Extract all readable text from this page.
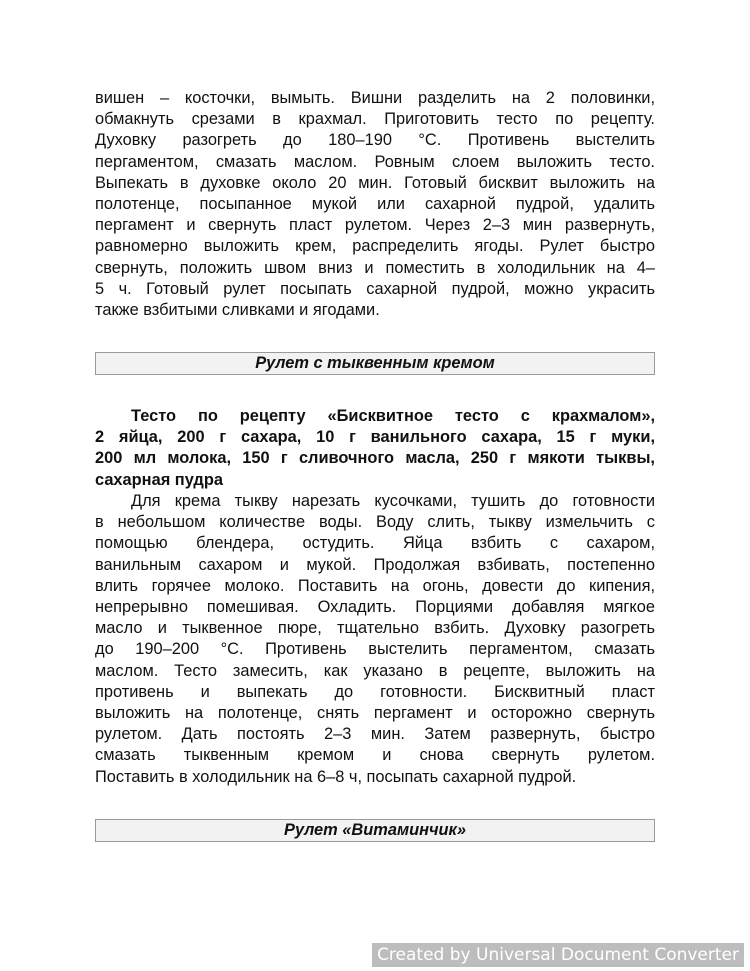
вишен – косточки, вымыть. Вишни разделить на 2 половинки,
обмакнуть срезами в крахмал. Приготовить тесто по рецепту.
Духовку разогреть до 180–190 °С. Противень выстелить
пергаментом, смазать маслом. Ровным слоем выложить тесто.
Выпекать в духовке около 20 мин. Готовый бисквит выложить на
полотенце, посыпанное мукой или сахарной пудрой, удалить
пергамент и свернуть пласт рулетом. Через 2–3 мин развернуть,
равномерно выложить крем, распределить ягоды. Рулет быстро
свернуть, положить швом вниз и поместить в холодильник на 4–
5 ч. Готовый рулет посыпать сахарной пудрой, можно украсить
также взбитыми сливками и ягодами.
Рулет с тыквенным кремом
Тесто по рецепту «Бисквитное тесто с крахмалом»,
2 яйца, 200 г сахара, 10 г ванильного сахара, 15 г муки,
200 мл молока, 150 г сливочного масла, 250 г мякоти тыквы,
сахарная пудра
Для крема тыкву нарезать кусочками, тушить до готовности
в небольшом количестве воды. Воду слить, тыкву измельчить с
помощью блендера, остудить. Яйца взбить с сахаром,
ванильным сахаром и мукой. Продолжая взбивать, постепенно
влить горячее молоко. Поставить на огонь, довести до кипения,
непрерывно помешивая. Охладить. Порциями добавляя мягкое
масло и тыквенное пюре, тщательно взбить. Духовку разогреть
до 190–200 °С. Противень выстелить пергаментом, смазать
маслом. Тесто замесить, как указано в рецепте, выложить на
противень и выпекать до готовности. Бисквитный пласт
выложить на полотенце, снять пергамент и осторожно свернуть
рулетом. Дать постоять 2–3 мин. Затем развернуть, быстро
смазать тыквенным кремом и снова свернуть рулетом.
Поставить в холодильник на 6–8 ч, посыпать сахарной пудрой.
Рулет «Витаминчик»
Created by Universal Document Converter
